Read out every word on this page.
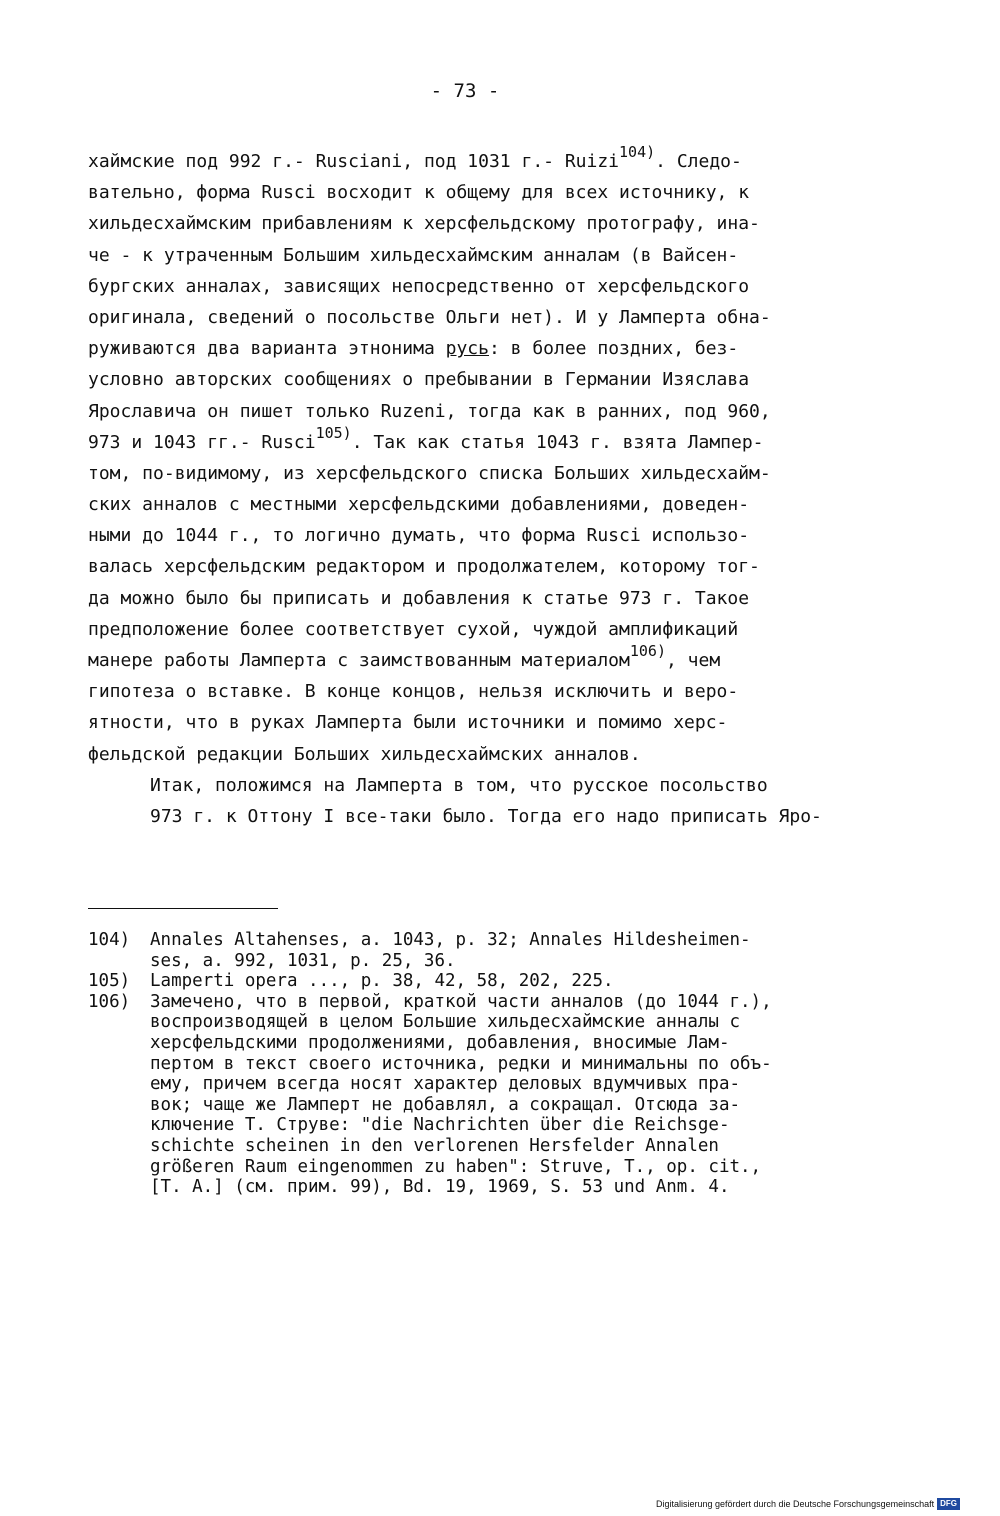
- 73 -
хаймские под 992 г.- Rusciani, под 1031 г.- Ruizi$^{104)}$. Следо-
вательно, форма Rusci восходит к общему для всех источнику, к
хильдесхаймским прибавлениям к херсфельдскому протографу, ина-
че - к утраченным Большим хильдесхаймским анналам (в Вайсен-
бургских анналах, зависящих непосредственно от херсфельдского
оригинала, сведений о посольстве Ольги нет). И у Ламперта обна-
руживаются два варианта этнонима русь: в более поздних, без-
условно авторских сообщениях о пребывании в Германии Изяслава
Ярославича он пишет только Ruzeni, тогда как в ранних, под 960,
973 и 1043 гг.- Rusci$^{105)}$. Так как статья 1043 г. взята Лампер-
том, по-видимому, из херсфельдского списка Больших хильдесхайм-
ских анналов с местными херсфельдскими добавлениями, доведен-
ными до 1044 г., то логично думать, что форма Rusci использо-
валась херсфельдским редактором и продолжателем, которому тог-
да можно было бы приписать и добавления к статье 973 г. Такое
предположение более соответствует сухой, чуждой амплификаций
манере работы Ламперта с заимствованным материалом$^{106)}$, чем
гипотеза о вставке. В конце концов, нельзя исключить и веро-
ятности, что в руках Ламперта были источники и помимо херс-
фельдской редакции Больших хильдесхаймских анналов.
Итак, положимся на Ламперта в том, что русское посольство
973 г. к Оттону I все-таки было. Тогда его надо приписать Яро-
104)	Annales Altahenses, a. 1043, p. 32; Annales Hildesheimen-
ses, a. 992, 1031, p. 25, 36.
105)	Lamperti opera ..., p. 38, 42, 58, 202, 225.
106)	Замечено, что в первой, краткой части анналов (до 1044 г.),
воспроизводящей в целом Большие хильдесхаймские анналы с
херсфельдскими продолжениями, добавления, вносимые Лам-
пертом в текст своего источника, редки и минимальны по объ-
ему, причем всегда носят характер деловых вдумчивых пра-
вок; чаще же Ламперт не добавлял, а сокращал. Отсюда за-
ключение Т. Струве: "die Nachrichten über die Reichsge-
schichte scheinen in den verlorenen Hersfelder Annalen
größeren Raum eingenommen zu haben": Struve, T., op. cit.,
[Т. А.] (см. прим. 99), Bd. 19, 1969, S. 53 und Anm. 4.
Digitalisierung gefördert durch die Deutsche Forschungsgemeinschaft DFG
